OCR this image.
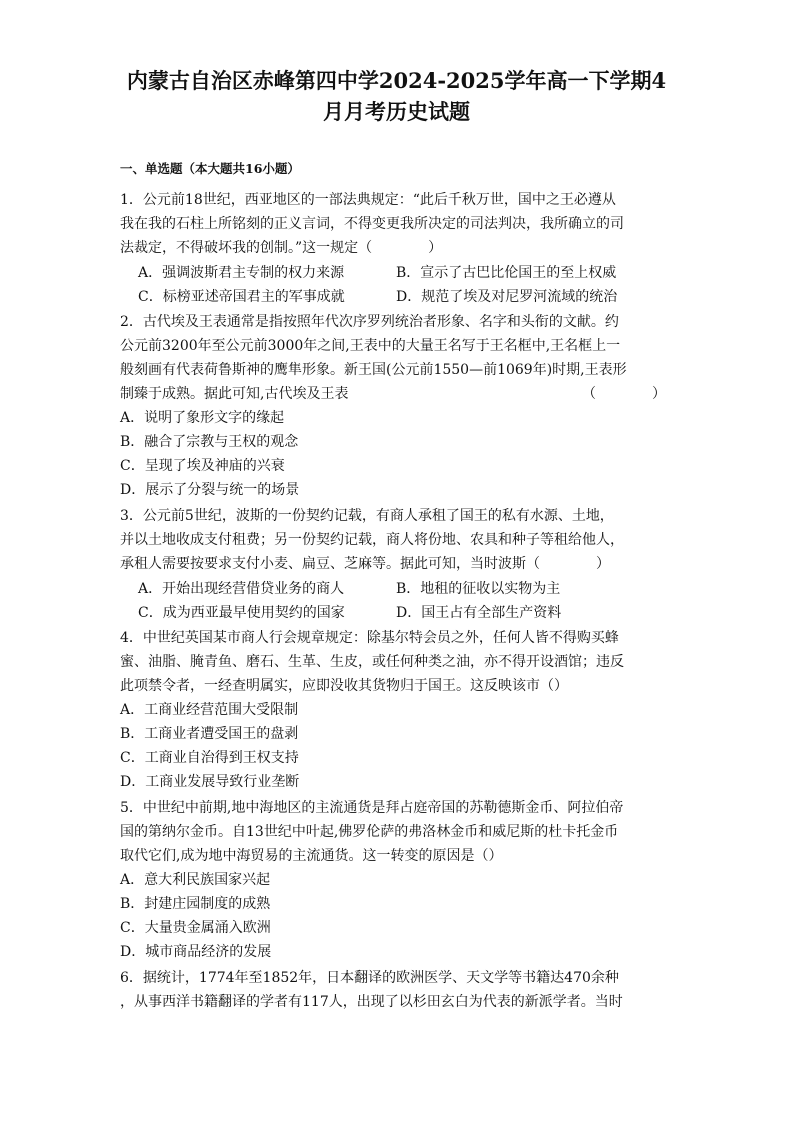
内蒙古自治区赤峰第四中学2024-2025学年高一下学期4
月月考历史试题

一、单选题（本大题共16小题）

1．公元前18世纪，西亚地区的一部法典规定：“此后千秋万世，国中之王必遵从

我在我的石柱上所铭刻的正义言词，不得变更我所决定的司法判决，我所确立的司

法裁定，不得破坏我的创制。”这一规定（　　　　）

A．强调波斯君主专制的权力来源	B．宣示了古巴比伦国王的至上权威

C．标榜亚述帝国君主的军事成就	D．规范了埃及对尼罗河流域的统治

2．古代埃及王表通常是指按照年代次序罗列统治者形象、名字和头衔的文献。约

公元前3200年至公元前3000年之间,王表中的大量王名写于王名框中,王名框上一

般刻画有代表荷鲁斯神的鹰隼形象。新王国(公元前1550—前1069年)时期,王表形

制臻于成熟。据此可知,古代埃及王表	（　　　　）

A．说明了象形文字的缘起

B．融合了宗教与王权的观念

C．呈现了埃及神庙的兴衰

D．展示了分裂与统一的场景

3．公元前5世纪，波斯的一份契约记载，有商人承租了国王的私有水源、土地，

并以土地收成支付租费；另一份契约记载，商人将份地、农具和种子等租给他人，

承租人需要按要求支付小麦、扁豆、芝麻等。据此可知，当时波斯（　　　　）

A．开始出现经营借贷业务的商人	B．地租的征收以实物为主

C．成为西亚最早使用契约的国家	D．国王占有全部生产资料

4．中世纪英国某市商人行会规章规定：除基尔特会员之外，任何人皆不得购买蜂

蜜、油脂、腌青鱼、磨石、生革、生皮，或任何种类之油，亦不得开设酒馆；违反

此项禁令者，一经查明属实，应即没收其货物归于国王。这反映该市（）

A．工商业经营范围大受限制

B．工商业者遭受国王的盘剥

C．工商业自治得到王权支持

D．工商业发展导致行业垄断

5．中世纪中前期,地中海地区的主流通货是拜占庭帝国的苏勒德斯金币、阿拉伯帝

国的第纳尔金币。自13世纪中叶起,佛罗伦萨的弗洛林金币和威尼斯的杜卡托金币

取代它们,成为地中海贸易的主流通货。这一转变的原因是（）

A．意大利民族国家兴起

B．封建庄园制度的成熟

C．大量贵金属涌入欧洲

D．城市商品经济的发展

6．据统计，1774年至1852年，日本翻译的欧洲医学、天文学等书籍达470余种

，从事西洋书籍翻译的学者有117人，出现了以杉田玄白为代表的新派学者。当时
